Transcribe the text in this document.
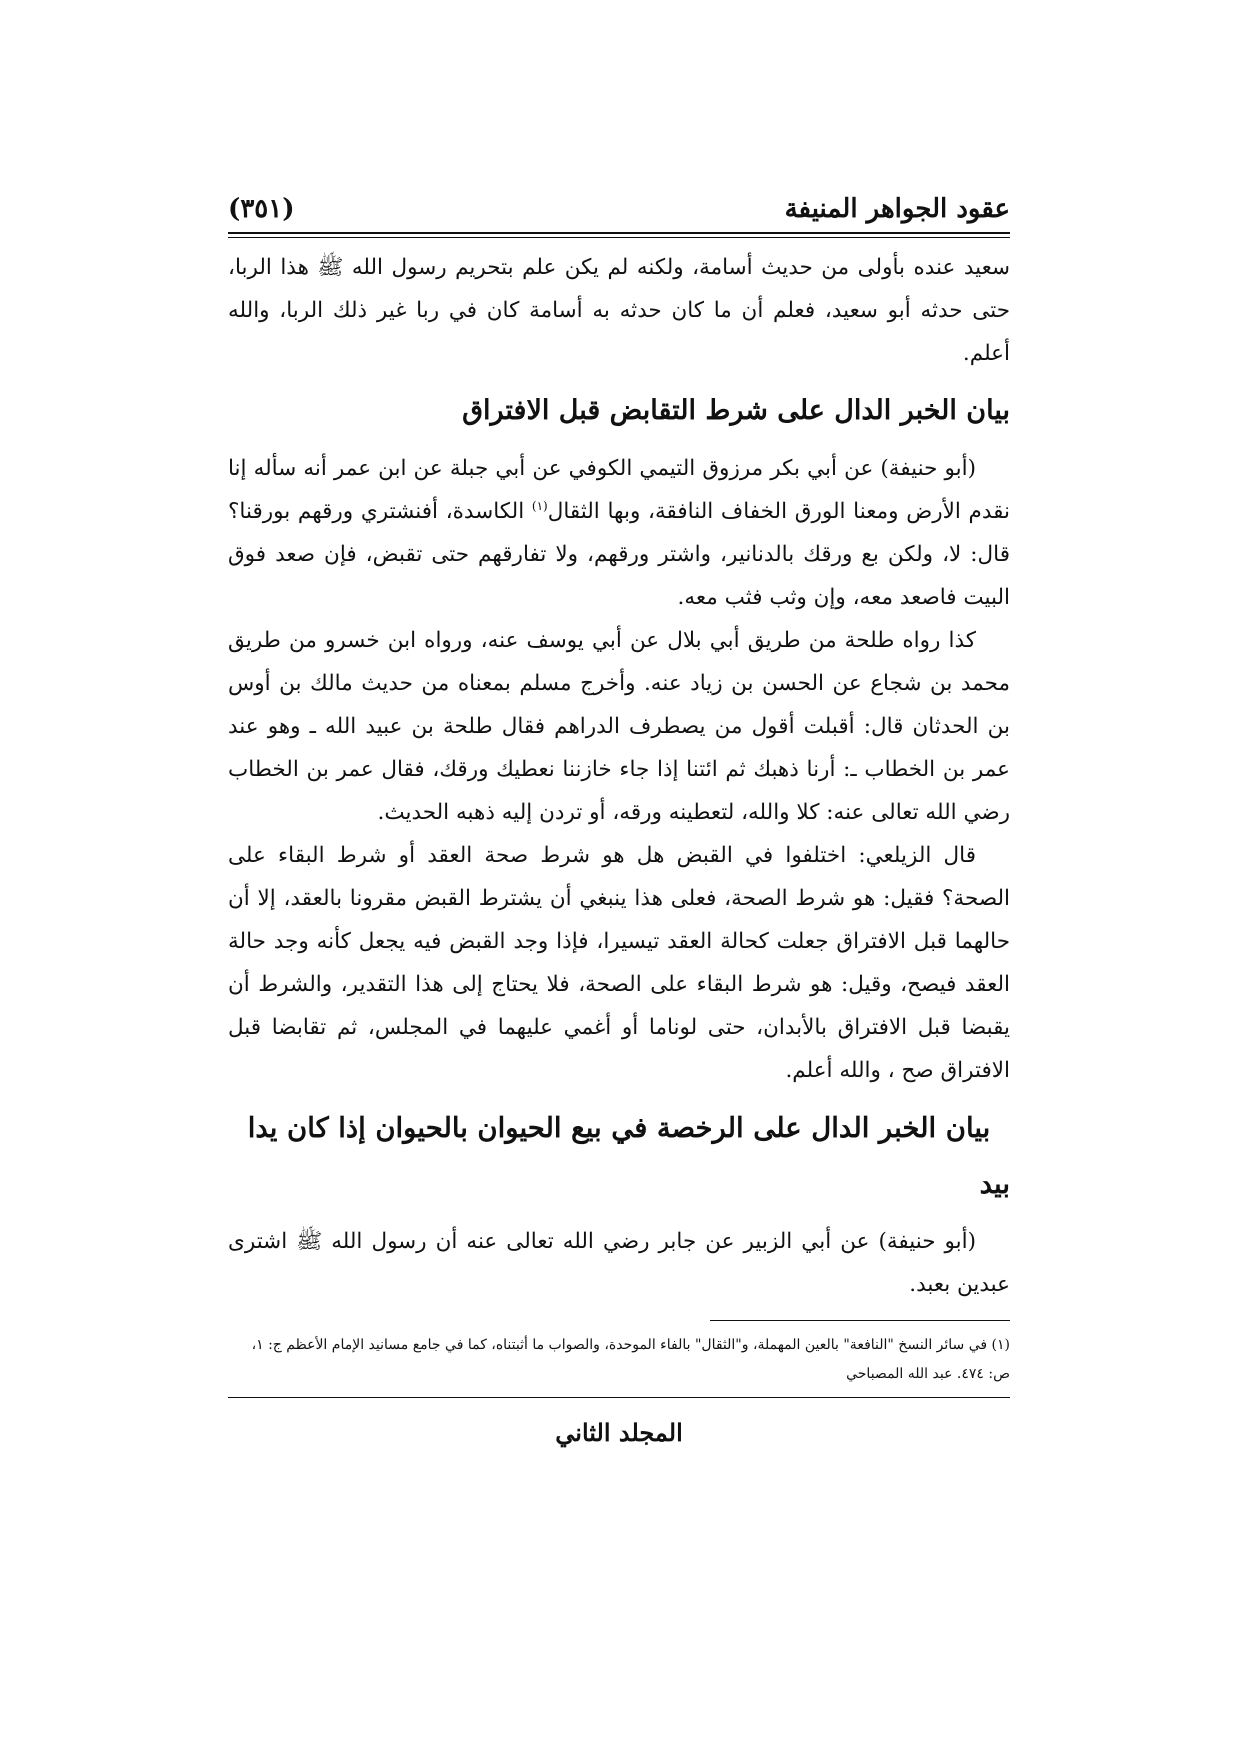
عقود الجواهر المنيفة
(٣٥١)

سعيد عنده بأولى من حديث أسامة، ولكنه لم يكن علم بتحريم رسول الله ﷺ هذا الربا، حتى حدثه أبو سعيد، فعلم أن ما كان حدثه به أسامة كان في ربا غير ذلك الربا، والله أعلم.

بيان الخبر الدال على شرط التقابض قبل الافتراق

(أبو حنيفة) عن أبي بكر مرزوق التيمي الكوفي عن أبي جبلة عن ابن عمر أنه سأله إنا نقدم الأرض ومعنا الورق الخفاف النافقة، وبها الثقال$^{(١)}$ الكاسدة، أفنشتري ورقهم بورقنا؟ قال: لا، ولكن بع ورقك بالدنانير، واشتر ورقهم، ولا تفارقهم حتى تقبض، فإن صعد فوق البيت فاصعد معه، وإن وثب فثب معه.

كذا رواه طلحة من طريق أبي بلال عن أبي يوسف عنه، ورواه ابن خسرو من طريق محمد بن شجاع عن الحسن بن زياد عنه. وأخرج مسلم بمعناه من حديث مالك بن أوس بن الحدثان قال: أقبلت أقول من يصطرف الدراهم فقال طلحة بن عبيد الله ـ وهو عند عمر بن الخطاب ـ: أرنا ذهبك ثم ائتنا إذا جاء خازننا نعطيك ورقك، فقال عمر بن الخطاب رضي الله تعالى عنه: كلا والله، لتعطينه ورقه، أو تردن إليه ذهبه الحديث.

قال الزيلعي: اختلفوا في القبض هل هو شرط صحة العقد أو شرط البقاء على الصحة؟ فقيل: هو شرط الصحة، فعلى هذا ينبغي أن يشترط القبض مقرونا بالعقد، إلا أن حالهما قبل الافتراق جعلت كحالة العقد تيسيرا، فإذا وجد القبض فيه يجعل كأنه وجد حالة العقد فيصح، وقيل: هو شرط البقاء على الصحة، فلا يحتاج إلى هذا التقدير، والشرط أن يقبضا قبل الافتراق بالأبدان، حتى لوناما أو أغمي عليهما في المجلس، ثم تقابضا قبل الافتراق صح ، والله أعلم.

بيان الخبر الدال على الرخصة في بيع الحيوان بالحيوان إذا كان يدا بيد

(أبو حنيفة) عن أبي الزبير عن جابر رضي الله تعالى عنه أن رسول الله ﷺ اشترى عبدين بعبد.

(١) في سائر النسخ "النافعة" بالعين المهملة، و"الثقال" بالفاء الموحدة، والصواب ما أثبتناه، كما في جامع مسانيد الإمام الأعظم ج: ١، ص: ٤٧٤. عبد الله المصباحي

المجلد الثاني
